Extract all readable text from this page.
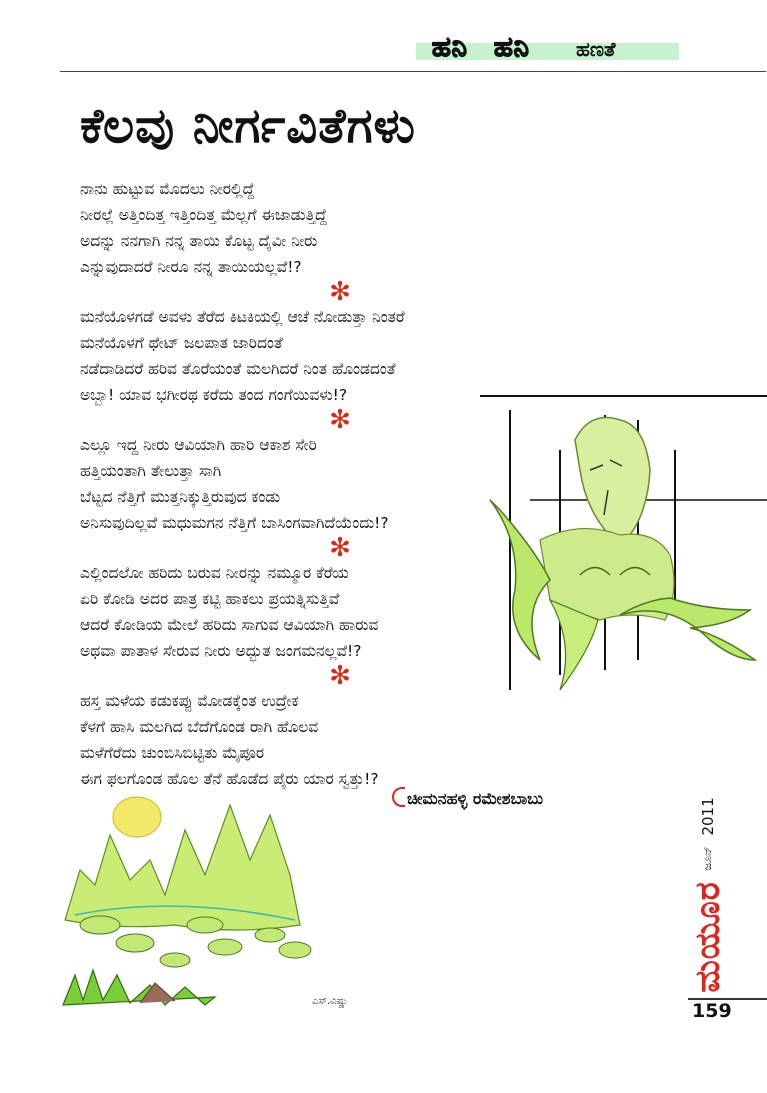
ಹನಿ ಹನಿ ಹಣತೆ
ಕೆಲವು ನೀರ್ಗವಿತೆಗಳು
ನಾನು ಹುಟ್ಟುವ ಮೊದಲು ನೀರಲ್ಲಿದ್ದೆ
ನೀರಲ್ಲೆ ಅತ್ತಿಂದಿತ್ತ ಇತ್ತಿಂದಿತ್ತ ಮೆಲ್ಲಗೆ ಈಜಾಡುತ್ತಿದ್ದೆ
ಅದನ್ನು ನನಗಾಗಿ ನನ್ನ ತಾಯಿ ಕೊಟ್ಟ ದೈವೀ ನೀರು
ಎನ್ನುವುದಾದರೆ ನೀರೂ ನನ್ನ ತಾಯಿಯಲ್ಲವೆ!?
✻
ಮನೆಯೊಳಗಡೆ ಅವಳು ತೆರೆದ ಕಿಟಕಿಯಲ್ಲಿ ಆಚೆ ನೋಡುತ್ತಾ ನಿಂತರೆ
ಮನೆಯೊಳಗೆ ಥೇಟ್ ಜಲಪಾತ ಜಾರಿದಂತೆ
ನಡೆದಾಡಿದರೆ ಹರಿವ ತೊರೆಯಂತೆ ಮಲಗಿದರೆ ನಿಂತ ಹೊಂಡದಂತೆ
ಅಬ್ಬಾ! ಯಾವ ಭಗೀರಥ ಕರೆದು ತಂದ ಗಂಗೆಯಿವಳು!?
✻
ಎಲ್ಲೂ ಇದ್ದ ನೀರು ಆವಿಯಾಗಿ ಹಾರಿ ಆಕಾಶ ಸೇರಿ
ಹತ್ತಿಯಂತಾಗಿ ತೇಲುತ್ತಾ ಸಾಗಿ
ಬೆಟ್ಟದ ನೆತ್ತಿಗೆ ಮುತ್ತನಿಕ್ಕುತ್ತಿರುವುದ ಕಂಡು
ಅನಿಸುವುದಿಲ್ಲವೆ ಮಧುಮಗನ ನೆತ್ತಿಗೆ ಬಾಸಿಂಗವಾಗಿದೆಯೆಂದು!?
✻
ಎಲ್ಲಿಂದಲೋ ಹರಿದು ಬರುವ ನೀರನ್ನು ನಮ್ಮೂರ ಕೆರೆಯ
ಏರಿ ಕೋಡಿ ಅದರ ಪಾತ್ರ ಕಟ್ಟಿ ಹಾಕಲು ಪ್ರಯತ್ನಿಸುತ್ತಿವೆ
ಆದರೆ ಕೋಡಿಯ ಮೇಲೆ ಹರಿದು ಸಾಗುವ ಆವಿಯಾಗಿ ಹಾರುವ
ಅಥವಾ ಪಾತಾಳ ಸೇರುವ ನೀರು ಅದ್ಭುತ ಜಂಗಮನಲ್ಲವೆ!?
✻
ಹಸ್ತ ಮಳೆಯ ಕಡುಕಪ್ಪು ಮೋಡಕ್ಕೆಂತ ಉದ್ರೇಕ
ಕೆಳಗೆ ಹಾಸಿ ಮಲಗಿದ ಬೆದೆಗೊಂಡ ರಾಗಿ ಹೊಲವ
ಮಳೆಗೆರೆದು ಚುಂಬಿಸಿಬಿಟ್ಟಿತು ಮೈಪೂರ
ಈಗ ಫಲಗೊಂಡ ಹೊಲ ತೆನೆ ಹೊಡೆದ ಪೈರು ಯಾರ ಸ್ವತ್ತು!?
ಎಸ್.ವಿಷ್ಣು
ಚೀಮನಹಳ್ಳಿ ರಮೇಶಬಾಬು
ಮಯೂರ ಜೂನ್ 2011
159
